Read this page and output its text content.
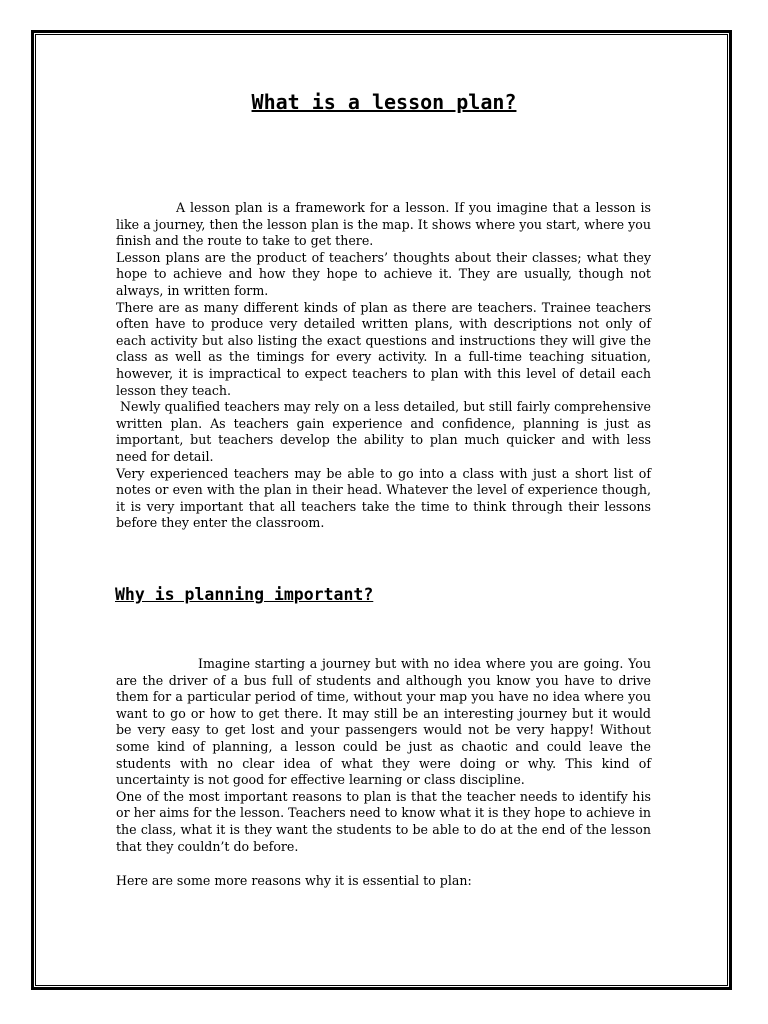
What is a lesson plan?

A lesson plan is a framework for a lesson. If you imagine that a lesson is like a journey, then the lesson plan is the map. It shows where you start, where you finish and the route to take to get there.

Lesson plans are the product of teachers’ thoughts about their classes; what they hope to achieve and how they hope to achieve it. They are usually, though not always, in written form.

There are as many different kinds of plan as there are teachers. Trainee teachers often have to produce very detailed written plans, with descriptions not only of each activity but also listing the exact questions and instructions they will give the class as well as the timings for every activity. In a full-time teaching situation, however, it is impractical to expect teachers to plan with this level of detail each lesson they teach.

Newly qualified teachers may rely on a less detailed, but still fairly comprehensive written plan. As teachers gain experience and confidence, planning is just as important, but teachers develop the ability to plan much quicker and with less need for detail.

Very experienced teachers may be able to go into a class with just a short list of notes or even with the plan in their head. Whatever the level of experience though, it is very important that all teachers take the time to think through their lessons before they enter the classroom.

Why is planning important?

Imagine starting a journey but with no idea where you are going. You are the driver of a bus full of students and although you know you have to drive them for a particular period of time, without your map you have no idea where you want to go or how to get there. It may still be an interesting journey but it would be very easy to get lost and your passengers would not be very happy! Without some kind of planning, a lesson could be just as chaotic and could leave the students with no clear idea of what they were doing or why. This kind of uncertainty is not good for effective learning or class discipline.

One of the most important reasons to plan is that the teacher needs to identify his or her aims for the lesson. Teachers need to know what it is they hope to achieve in the class, what it is they want the students to be able to do at the end of the lesson that they couldn’t do before.

Here are some more reasons why it is essential to plan:
